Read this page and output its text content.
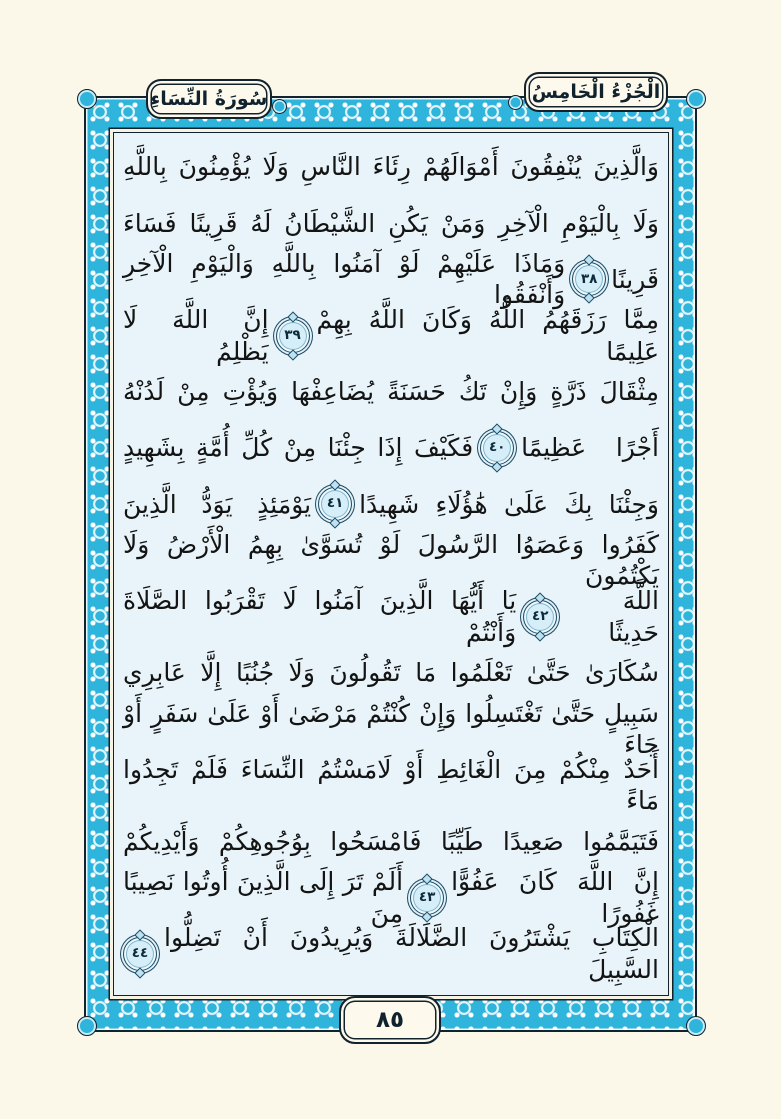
سُورَةُ النِّسَاءِ	الْجُزْءُ الْخَامِسُ
وَالَّذِينَ يُنْفِقُونَ أَمْوَالَهُمْ رِئَاءَ النَّاسِ وَلَا يُؤْمِنُونَ بِاللَّهِ
وَلَا بِالْيَوْمِ الْآخِرِ وَمَنْ يَكُنِ الشَّيْطَانُ لَهُ قَرِينًا فَسَاءَ
قَرِينًا
٣٨
وَمَاذَا عَلَيْهِمْ لَوْ آمَنُوا بِاللَّهِ وَالْيَوْمِ الْآخِرِ وَأَنْفَقُوا
مِمَّا رَزَقَهُمُ اللَّهُ وَكَانَ اللَّهُ بِهِمْ عَلِيمًا
٣٩
إِنَّ اللَّهَ لَا يَظْلِمُ
مِثْقَالَ ذَرَّةٍ وَإِنْ تَكُ حَسَنَةً يُضَاعِفْهَا وَيُؤْتِ مِنْ لَدُنْهُ
أَجْرًا عَظِيمًا
٤٠
فَكَيْفَ إِذَا جِئْنَا مِنْ كُلِّ أُمَّةٍ بِشَهِيدٍ
وَجِئْنَا بِكَ عَلَىٰ هَٰؤُلَاءِ شَهِيدًا
٤١
يَوْمَئِذٍ يَوَدُّ الَّذِينَ
كَفَرُوا وَعَصَوُا الرَّسُولَ لَوْ تُسَوَّىٰ بِهِمُ الْأَرْضُ وَلَا يَكْتُمُونَ
اللَّهَ حَدِيثًا
٤٢
يَا أَيُّهَا الَّذِينَ آمَنُوا لَا تَقْرَبُوا الصَّلَاةَ وَأَنْتُمْ
سُكَارَىٰ حَتَّىٰ تَعْلَمُوا مَا تَقُولُونَ وَلَا جُنُبًا إِلَّا عَابِرِي
سَبِيلٍ حَتَّىٰ تَغْتَسِلُوا وَإِنْ كُنْتُمْ مَرْضَىٰ أَوْ عَلَىٰ سَفَرٍ أَوْ جَاءَ
أَحَدٌ مِنْكُمْ مِنَ الْغَائِطِ أَوْ لَامَسْتُمُ النِّسَاءَ فَلَمْ تَجِدُوا مَاءً
فَتَيَمَّمُوا صَعِيدًا طَيِّبًا فَامْسَحُوا بِوُجُوهِكُمْ وَأَيْدِيكُمْ
إِنَّ اللَّهَ كَانَ عَفُوًّا غَفُورًا
٤٣
أَلَمْ تَرَ إِلَى الَّذِينَ أُوتُوا نَصِيبًا مِنَ
الْكِتَابِ يَشْتَرُونَ الضَّلَالَةَ وَيُرِيدُونَ أَنْ تَضِلُّوا السَّبِيلَ
٤٤
٨٥
